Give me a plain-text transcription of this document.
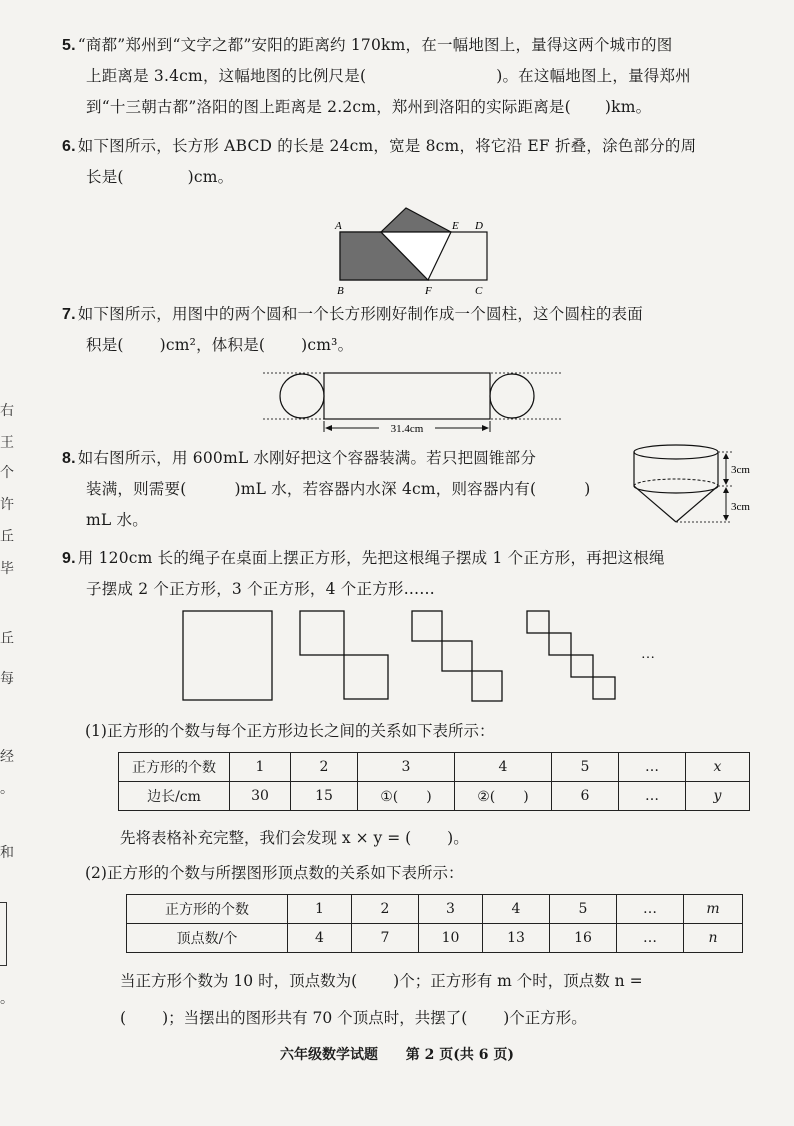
右
王
个
许
丘
毕
丘
每
经
。
和
。
5. “商都”郑州到“文字之都”安阳的距离约 170km，在一幅地图上，量得这两个城市的图
上距离是 3.4cm，这幅地图的比例尺是(	)。在这幅地图上，量得郑州
到“十三朝古都”洛阳的图上距离是 2.2cm，郑州到洛阳的实际距离是( )km。
6. 如下图所示，长方形 ABCD 的长是 24cm，宽是 8cm，将它沿 EF 折叠，涂色部分的周
长是(	)cm。
A
B	C
D
E
F
7. 如下图所示，用图中的两个圆和一个长方形刚好制作成一个圆柱，这个圆柱的表面
积是( )cm²，体积是( )cm³。
31.4cm
8. 如右图所示，用 600mL 水刚好把这个容器装满。若只把圆锥部分
装满，则需要(	)mL 水，若容器内水深 4cm，则容器内有(	)
mL 水。
3cm
3cm
9. 用 120cm 长的绳子在桌面上摆正方形，先把这根绳子摆成 1 个正方形，再把这根绳
子摆成 2 个正方形，3 个正方形，4 个正方形……
…
(1)正方形的个数与每个正方形边长之间的关系如下表所示：
正方形的个数	1	2	3	4	5	…	x
边长/cm	30	15	①(　　)	②(　　)	6	…	y
先将表格补充完整，我们会发现 x × y = ( )。
(2)正方形的个数与所摆图形顶点数的关系如下表所示：
正方形的个数	1	2	3	4	5	…	m
顶点数/个	4	7	10	13	16	…	n
当正方形个数为 10 时，顶点数为( )个；正方形有 m 个时，顶点数 n =
( )；当摆出的图形共有 70 个顶点时，共摆了( )个正方形。
六年级数学试题 第 2 页(共 6 页)
